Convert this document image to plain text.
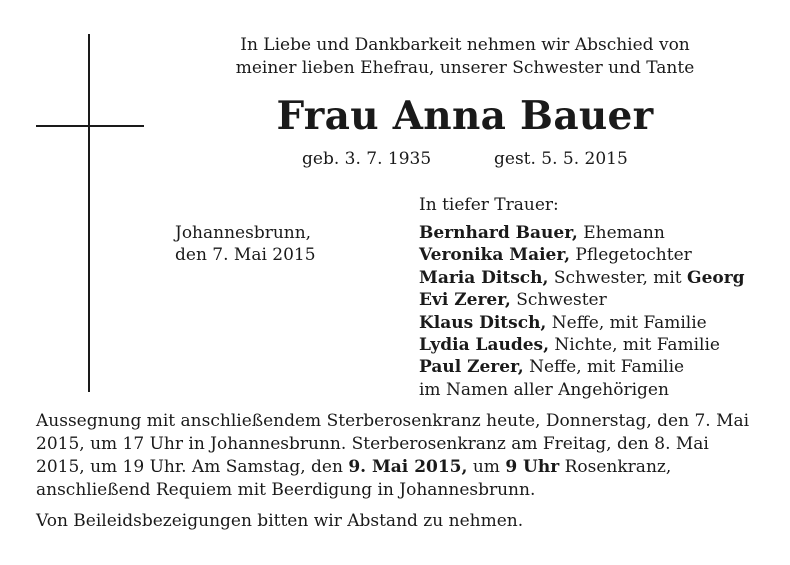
In Liebe und Dankbarkeit nehmen wir Abschied von
meiner lieben Ehefrau, unserer Schwester und Tante
Frau Anna Bauer
geb. 3. 7. 1935	gest. 5. 5. 2015
In tiefer Trauer:
Johannesbrunn,
den 7. Mai 2015
Bernhard Bauer, Ehemann
Veronika Maier, Pflegetochter
Maria Ditsch, Schwester, mit Georg
Evi Zerer, Schwester
Klaus Ditsch, Neffe, mit Familie
Lydia Laudes, Nichte, mit Familie
Paul Zerer, Neffe, mit Familie
im Namen aller Angehörigen
Aussegnung mit anschließendem Sterberosenkranz heute, Donnerstag, den 7. Mai 2015, um 17 Uhr in Johannesbrunn. Sterberosenkranz am Freitag, den 8. Mai 2015, um 19 Uhr. Am Samstag, den 9. Mai 2015, um 9 Uhr Rosenkranz, anschließend Requiem mit Beerdigung in Johannesbrunn.
Von Beileidsbezeigungen bitten wir Abstand zu nehmen.
